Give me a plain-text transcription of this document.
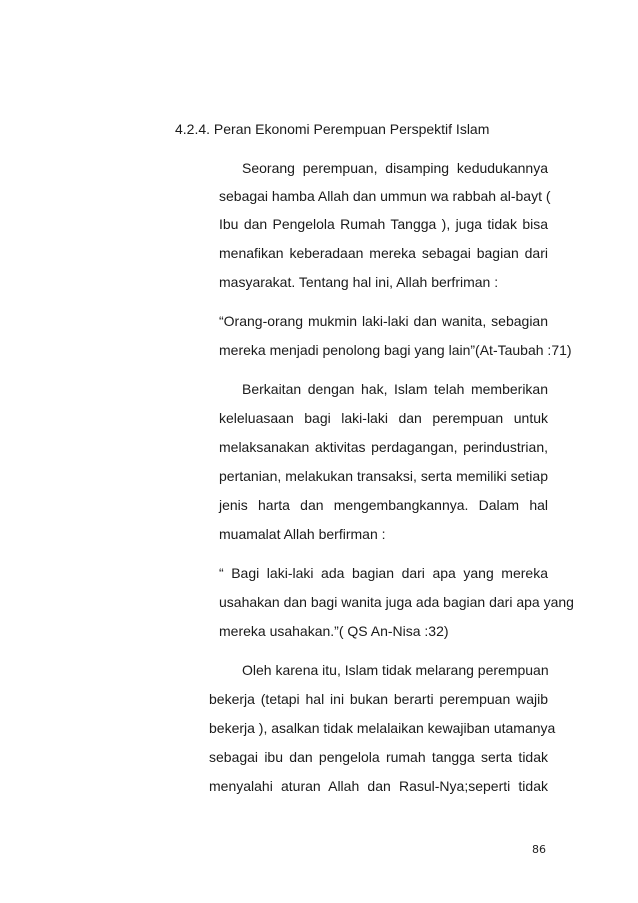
4.2.4. Peran Ekonomi Perempuan Perspektif Islam
Seorang perempuan, disamping kedudukannya
sebagai hamba Allah dan ummun wa rabbah al-bayt (
Ibu dan Pengelola Rumah Tangga ), juga tidak bisa
menafikan keberadaan mereka sebagai bagian dari
masyarakat. Tentang hal ini, Allah berfriman :
“Orang-orang mukmin laki-laki dan wanita, sebagian
mereka menjadi penolong bagi yang lain”(At-Taubah :71)
Berkaitan dengan hak, Islam telah memberikan
keleluasaan bagi laki-laki dan perempuan untuk
melaksanakan aktivitas perdagangan, perindustrian,
pertanian, melakukan transaksi, serta memiliki setiap
jenis harta dan mengembangkannya. Dalam hal
muamalat Allah berfirman :
“ Bagi laki-laki ada bagian dari apa yang mereka
usahakan dan bagi wanita juga ada bagian dari apa yang
mereka usahakan.”( QS An-Nisa :32)
Oleh karena itu, Islam tidak melarang perempuan
bekerja (tetapi hal ini bukan berarti perempuan wajib
bekerja ), asalkan tidak melalaikan kewajiban utamanya
sebagai ibu dan pengelola rumah tangga serta tidak
menyalahi aturan Allah dan Rasul-Nya;seperti tidak
86
